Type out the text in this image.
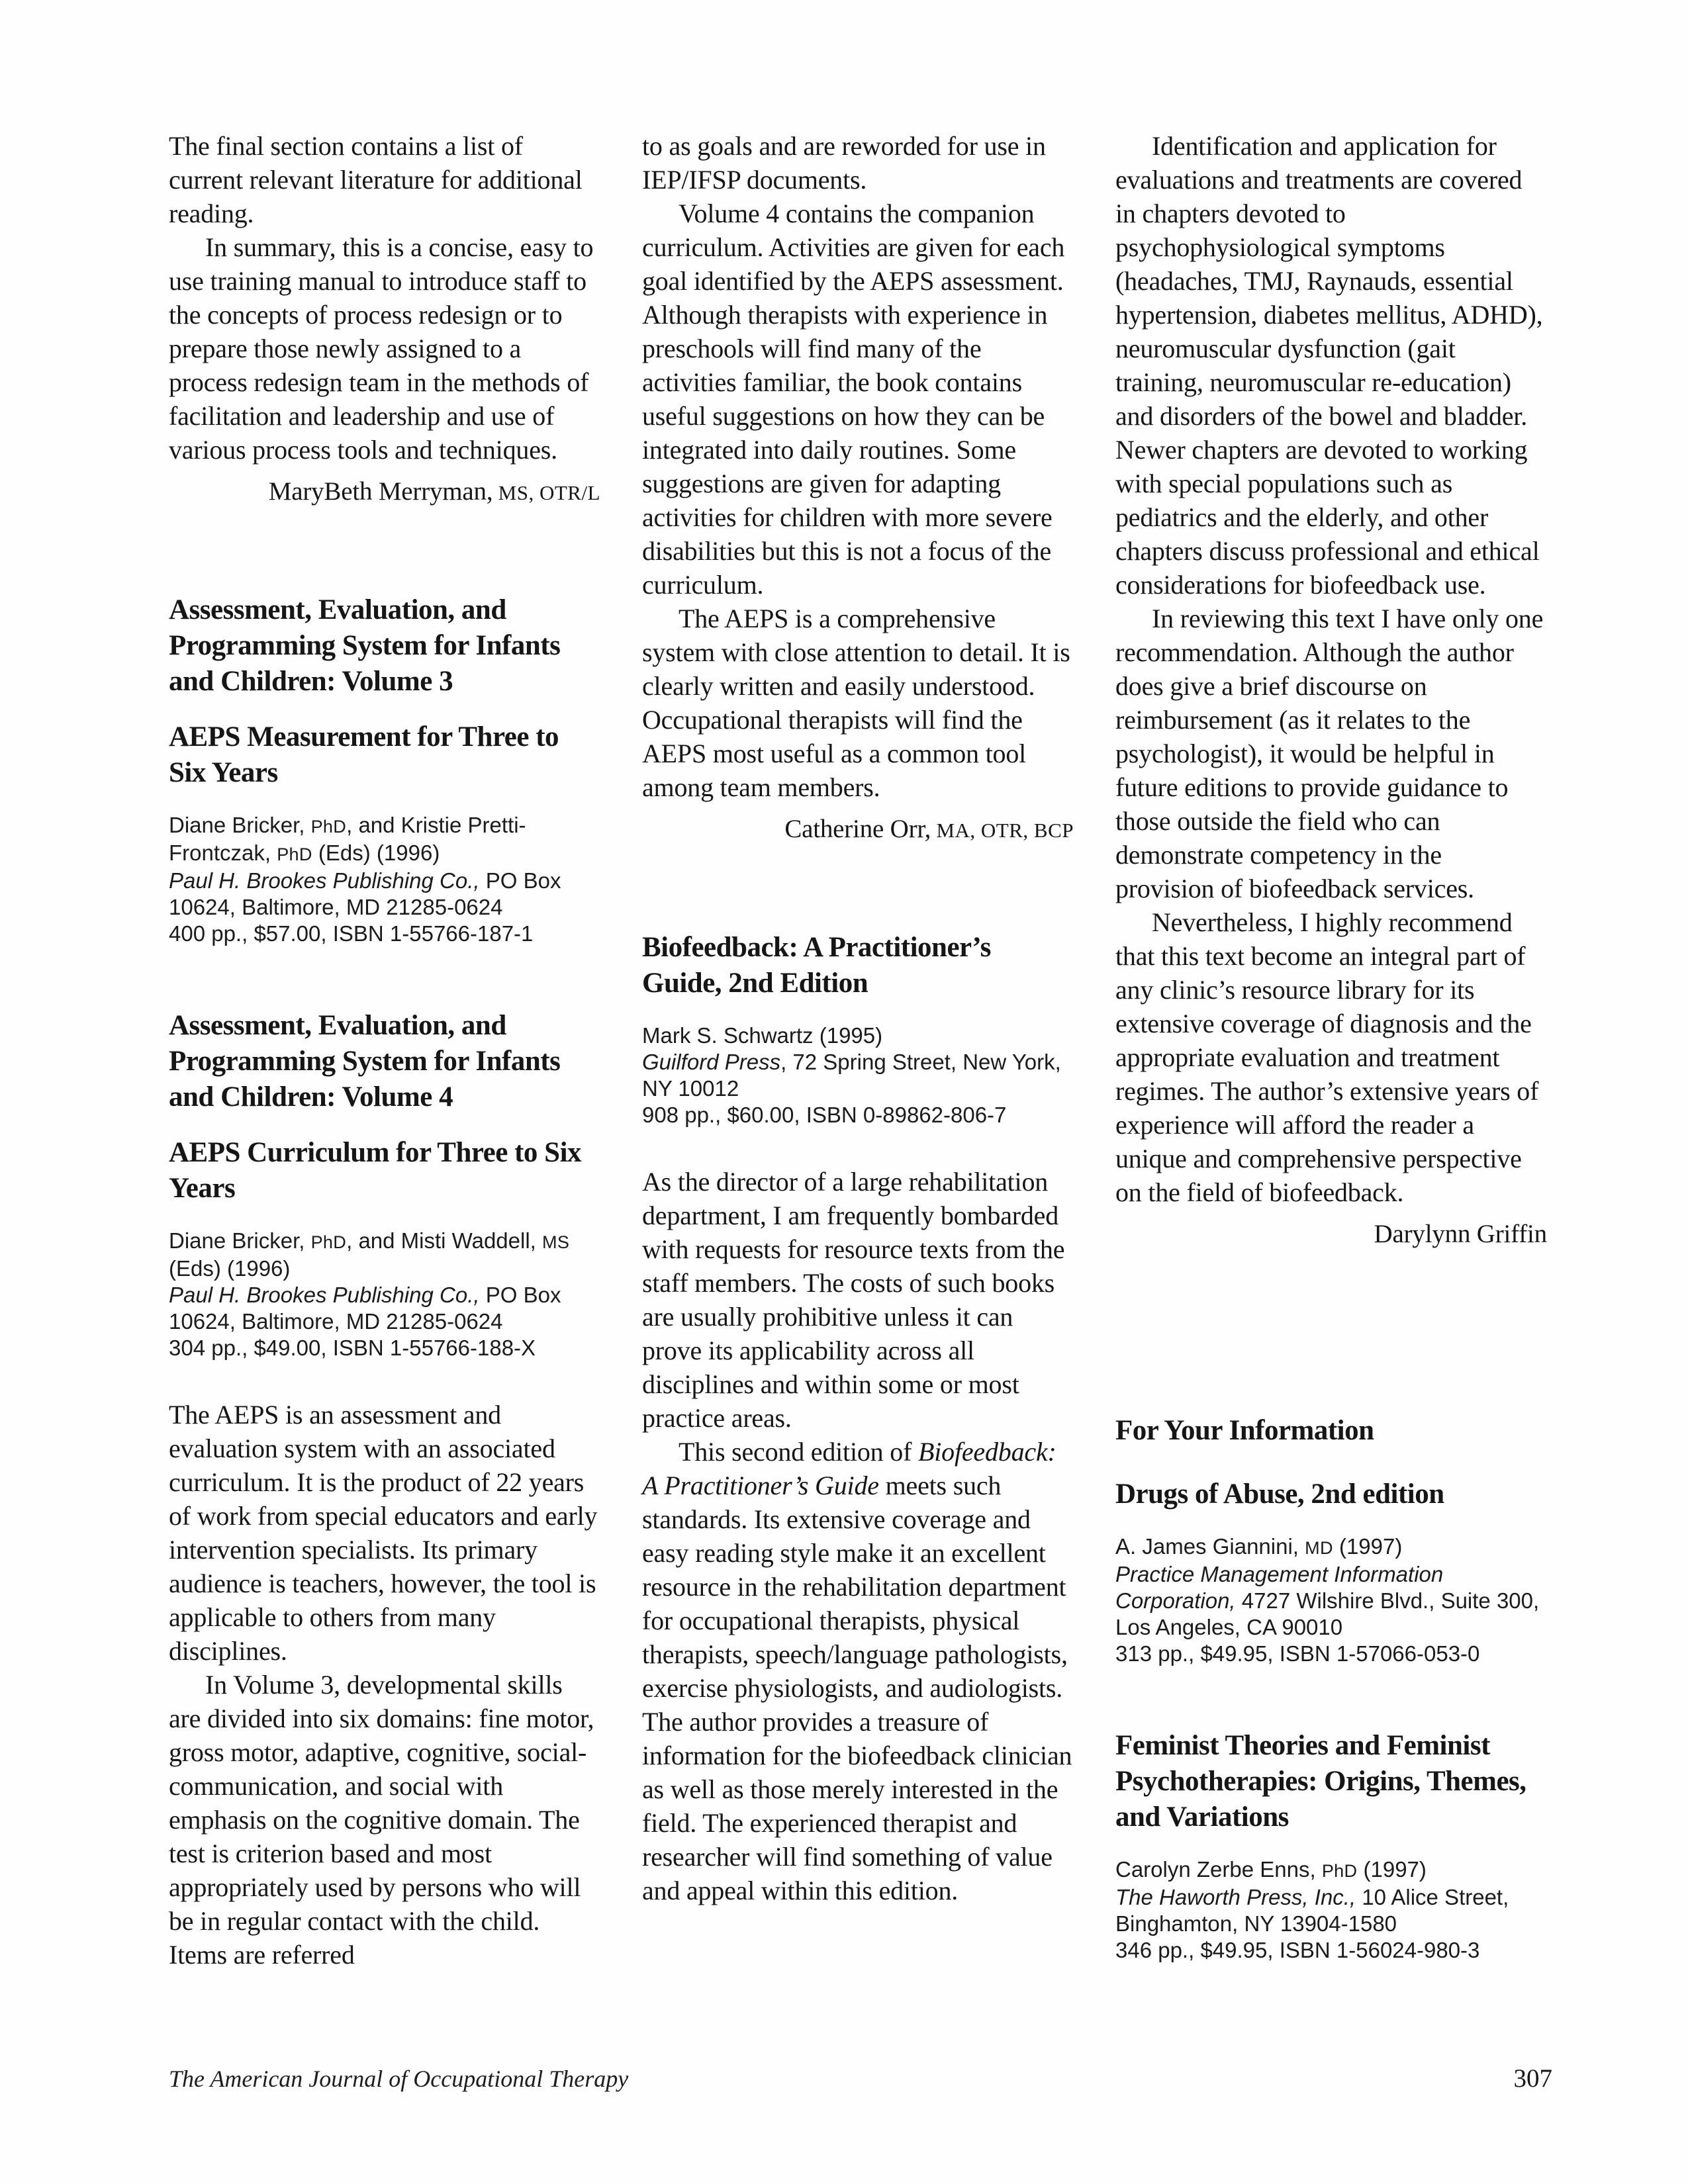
The final section contains a list of current relevant literature for additional reading.

In summary, this is a concise, easy to use training manual to introduce staff to the concepts of process redesign or to prepare those newly assigned to a process redesign team in the methods of facilitation and leadership and use of various process tools and techniques.

MaryBeth Merryman, MS, OTR/L
Assessment, Evaluation, and Programming System for Infants and Children: Volume 3
AEPS Measurement for Three to Six Years
Diane Bricker, PhD, and Kristie Pretti-Frontczak, PhD (Eds) (1996)
Paul H. Brookes Publishing Co., PO Box 10624, Baltimore, MD 21285-0624
400 pp., $57.00, ISBN 1-55766-187-1
Assessment, Evaluation, and Programming System for Infants and Children: Volume 4
AEPS Curriculum for Three to Six Years
Diane Bricker, PhD, and Misti Waddell, MS (Eds) (1996)
Paul H. Brookes Publishing Co., PO Box 10624, Baltimore, MD 21285-0624
304 pp., $49.00, ISBN 1-55766-188-X

The AEPS is an assessment and evaluation system with an associated curriculum. It is the product of 22 years of work from special educators and early intervention specialists. Its primary audience is teachers, however, the tool is applicable to others from many disciplines.

In Volume 3, developmental skills are divided into six domains: fine motor, gross motor, adaptive, cognitive, social-communication, and social with emphasis on the cognitive domain. The test is criterion based and most appropriately used by persons who will be in regular contact with the child. Items are referred

to as goals and are reworded for use in IEP/IFSP documents.

Volume 4 contains the companion curriculum. Activities are given for each goal identified by the AEPS assessment. Although therapists with experience in preschools will find many of the activities familiar, the book contains useful suggestions on how they can be integrated into daily routines. Some suggestions are given for adapting activities for children with more severe disabilities but this is not a focus of the curriculum.

The AEPS is a comprehensive system with close attention to detail. It is clearly written and easily understood. Occupational therapists will find the AEPS most useful as a common tool among team members.

Catherine Orr, MA, OTR, BCP
Biofeedback: A Practitioner’s Guide, 2nd Edition
Mark S. Schwartz (1995)
Guilford Press, 72 Spring Street, New York, NY 10012
908 pp., $60.00, ISBN 0-89862-806-7

As the director of a large rehabilitation department, I am frequently bombarded with requests for resource texts from the staff members. The costs of such books are usually prohibitive unless it can prove its applicability across all disciplines and within some or most practice areas.

This second edition of Biofeedback: A Practitioner’s Guide meets such standards. Its extensive coverage and easy reading style make it an excellent resource in the rehabilitation department for occupational therapists, physical therapists, speech/language pathologists, exercise physiologists, and audiologists. The author provides a treasure of information for the biofeedback clinician as well as those merely interested in the field. The experienced therapist and researcher will find something of value and appeal within this edition.

Identification and application for evaluations and treatments are covered in chapters devoted to psychophysiological symptoms (headaches, TMJ, Raynauds, essential hypertension, diabetes mellitus, ADHD), neuromuscular dysfunction (gait training, neuromuscular re-education) and disorders of the bowel and bladder. Newer chapters are devoted to working with special populations such as pediatrics and the elderly, and other chapters discuss professional and ethical considerations for biofeedback use.

In reviewing this text I have only one recommendation. Although the author does give a brief discourse on reimbursement (as it relates to the psychologist), it would be helpful in future editions to provide guidance to those outside the field who can demonstrate competency in the provision of biofeedback services.

Nevertheless, I highly recommend that this text become an integral part of any clinic’s resource library for its extensive coverage of diagnosis and the appropriate evaluation and treatment regimes. The author’s extensive years of experience will afford the reader a unique and comprehensive perspective on the field of biofeedback.

Darylynn Griffin
For Your Information
Drugs of Abuse, 2nd edition
A. James Giannini, MD (1997)
Practice Management Information Corporation, 4727 Wilshire Blvd., Suite 300, Los Angeles, CA 90010
313 pp., $49.95, ISBN 1-57066-053-0
Feminist Theories and Feminist Psychotherapies: Origins, Themes, and Variations
Carolyn Zerbe Enns, PhD (1997)
The Haworth Press, Inc., 10 Alice Street, Binghamton, NY 13904-1580
346 pp., $49.95, ISBN 1-56024-980-3
The American Journal of Occupational Therapy	307
